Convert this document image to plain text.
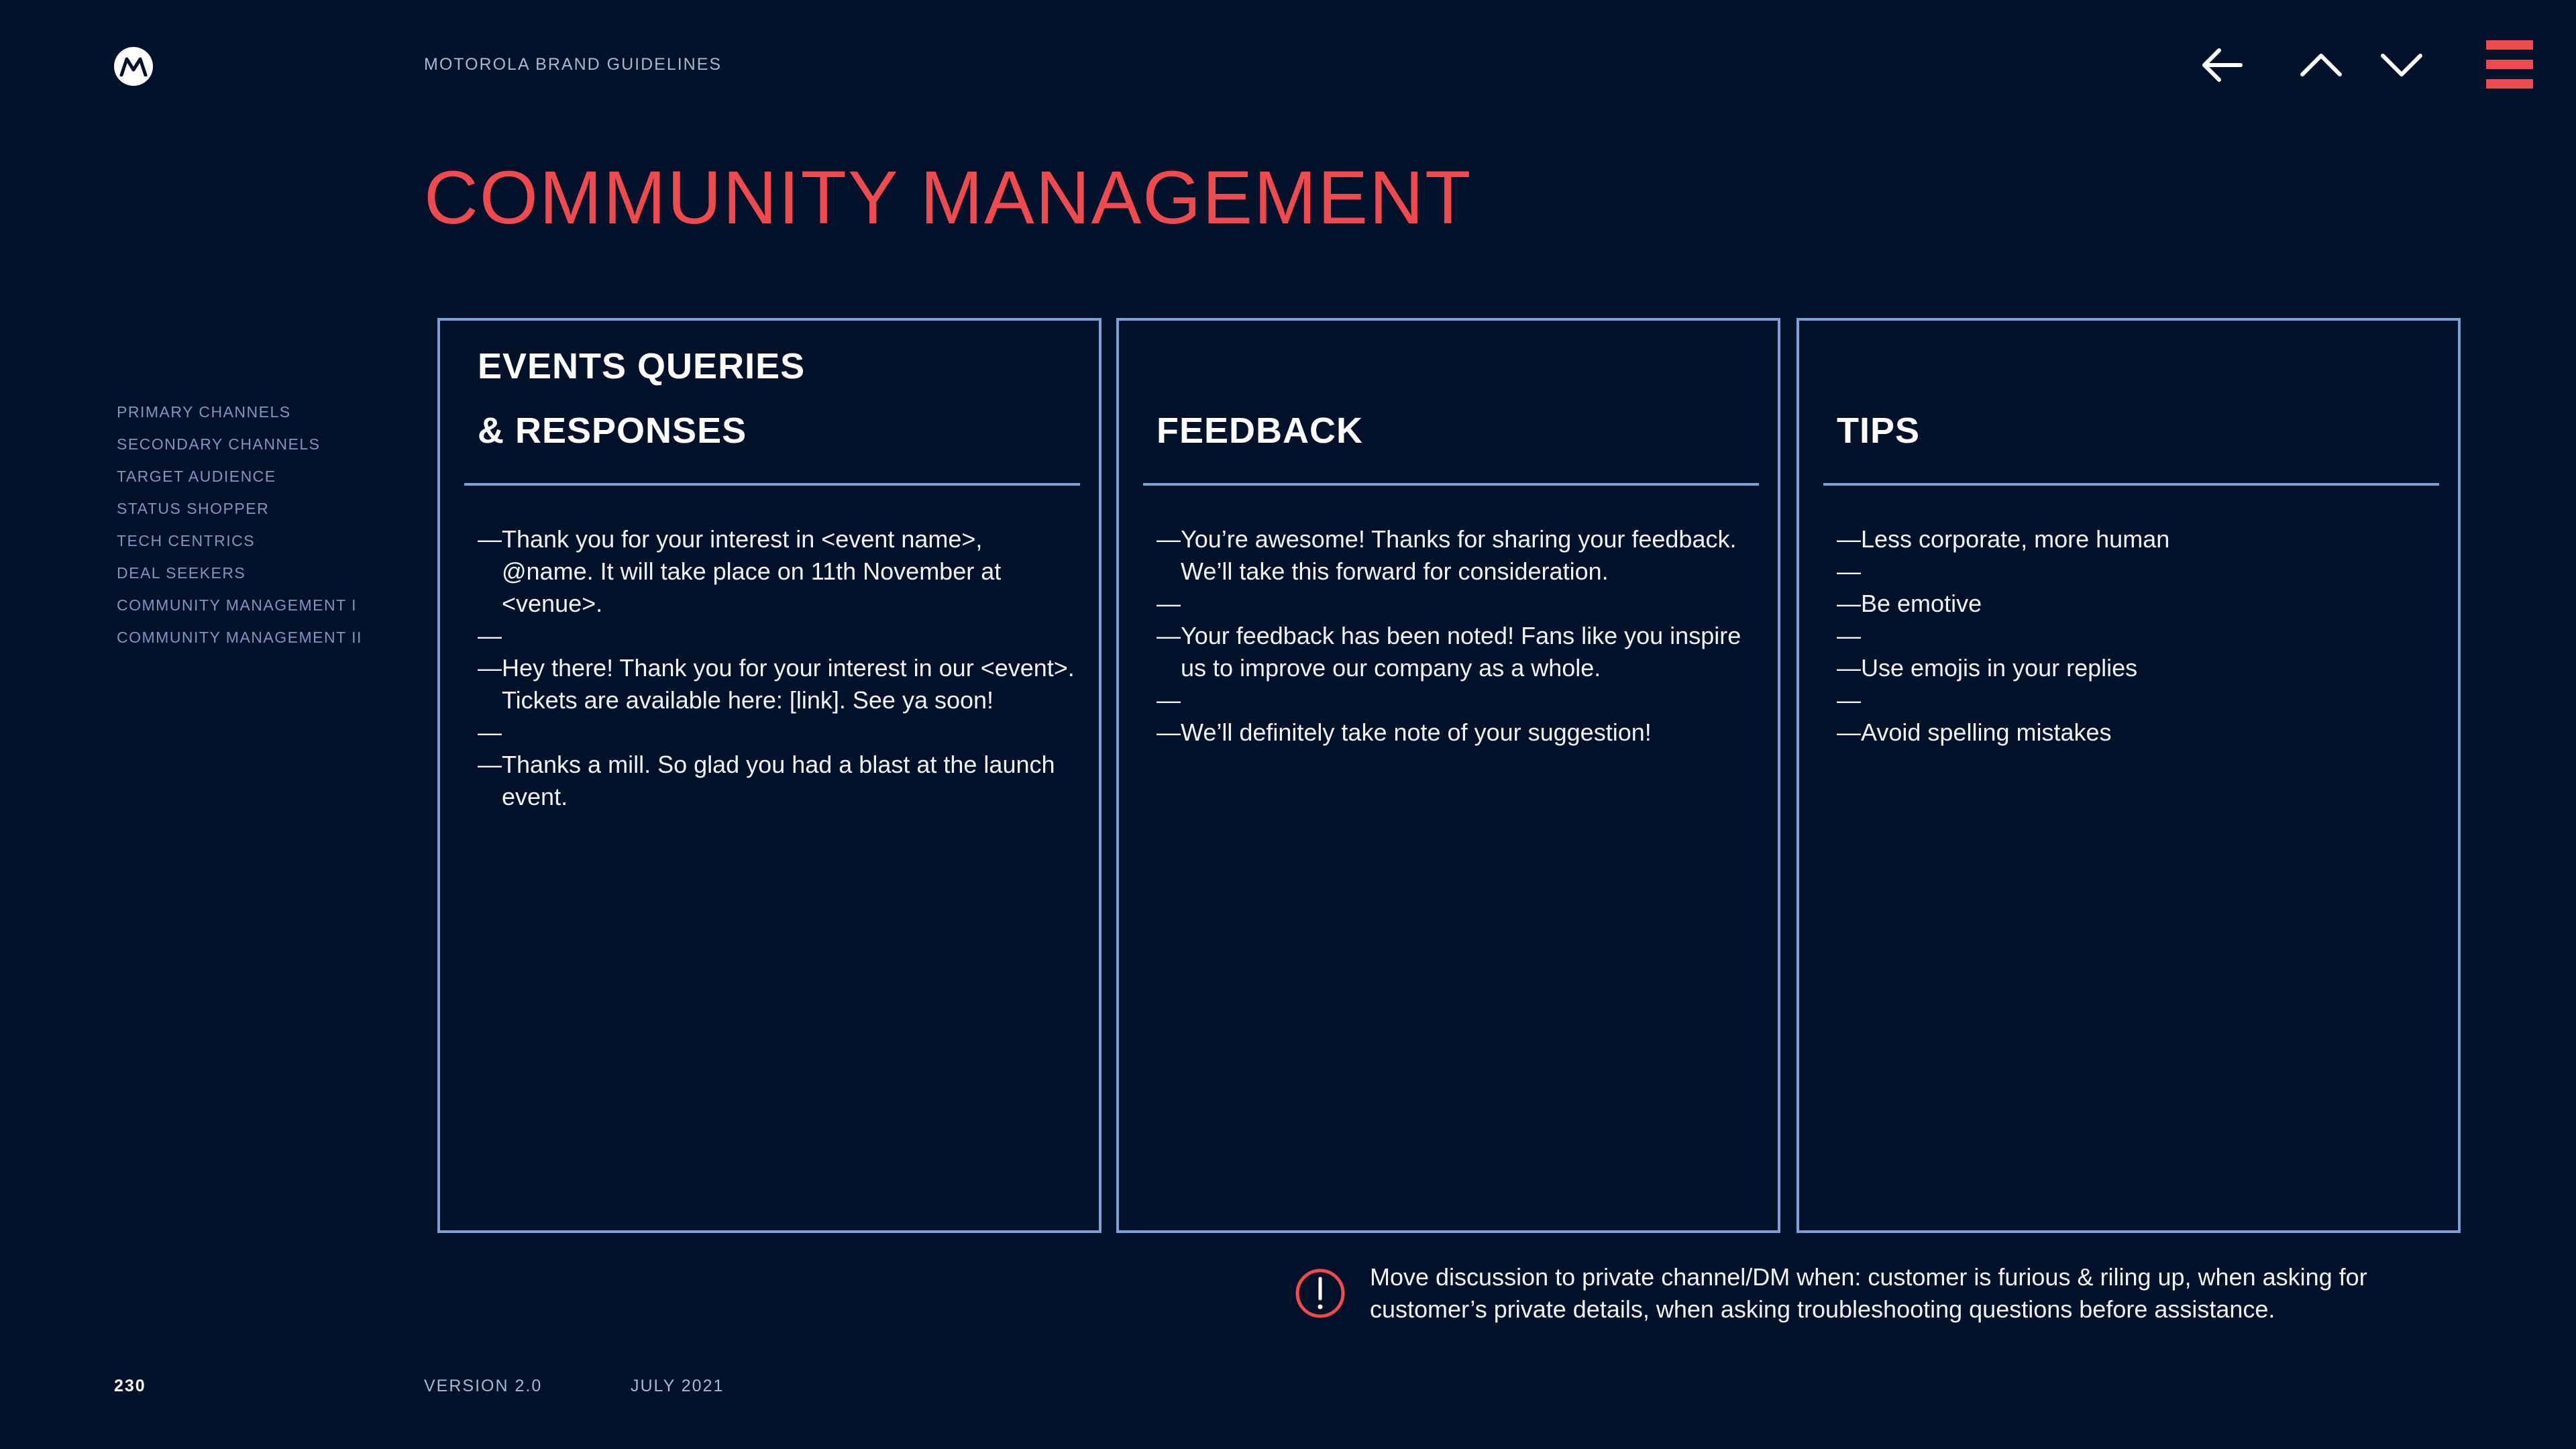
MOTOROLA BRAND GUIDELINES
COMMUNITY MANAGEMENT
PRIMARY CHANNELS
SECONDARY CHANNELS
TARGET AUDIENCE
STATUS SHOPPER
TECH CENTRICS
DEAL SEEKERS
COMMUNITY MANAGEMENT I
COMMUNITY MANAGEMENT II
EVENTS QUERIES
& RESPONSES
— Thank you for your interest in <event name>, @name. It will take place on 11th November at <venue>.
—
— Hey there! Thank you for your interest in our <event>. Tickets are available here: [link]. See ya soon!
—
— Thanks a mill. So glad you had a blast at the launch event.
FEEDBACK
— You’re awesome! Thanks for sharing your feedback. We’ll take this forward for consideration.
—
— Your feedback has been noted! Fans like you inspire us to improve our company as a whole.
—
— We’ll definitely take note of your suggestion!
TIPS
— Less corporate, more human
—
— Be emotive
—
— Use emojis in your replies
—
— Avoid spelling mistakes

Move discussion to private channel/DM when: customer is furious & riling up, when asking for customer’s private details, when asking troubleshooting questions before assistance.

230	VERSION 2.0	JULY 2021
